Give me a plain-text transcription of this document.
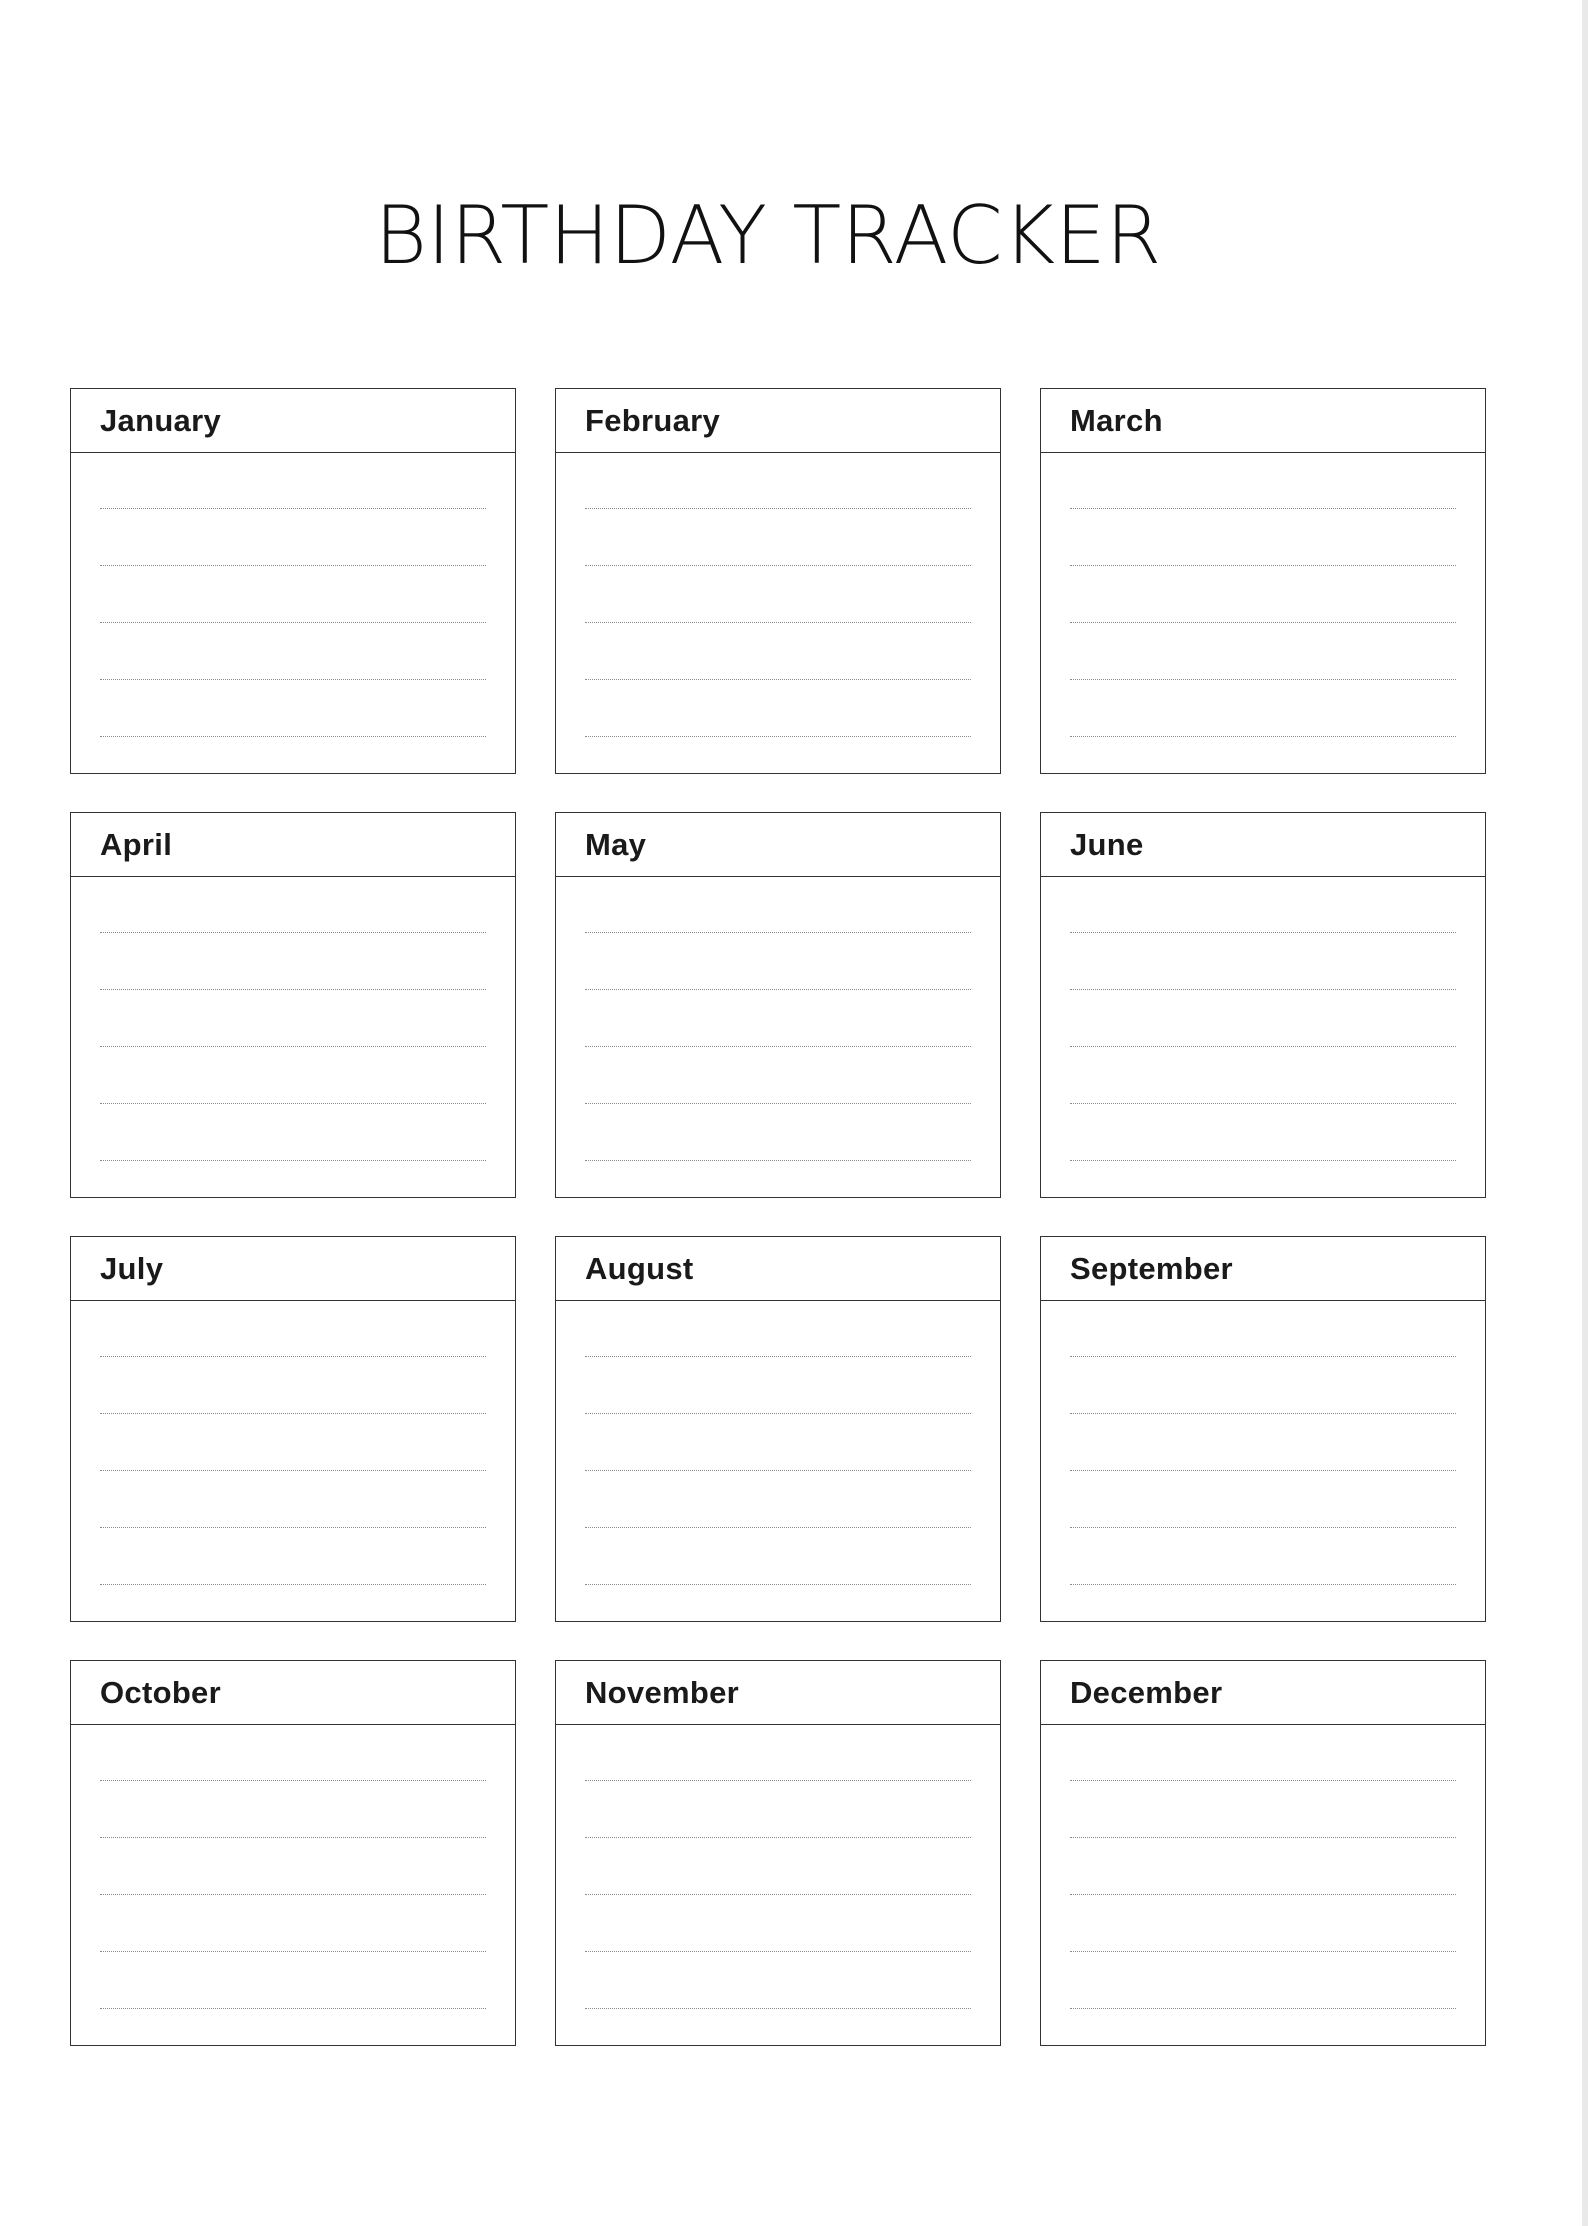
BIRTHDAY TRACKER
January	February	March
April	May	June
July	August	September
October	November	December
